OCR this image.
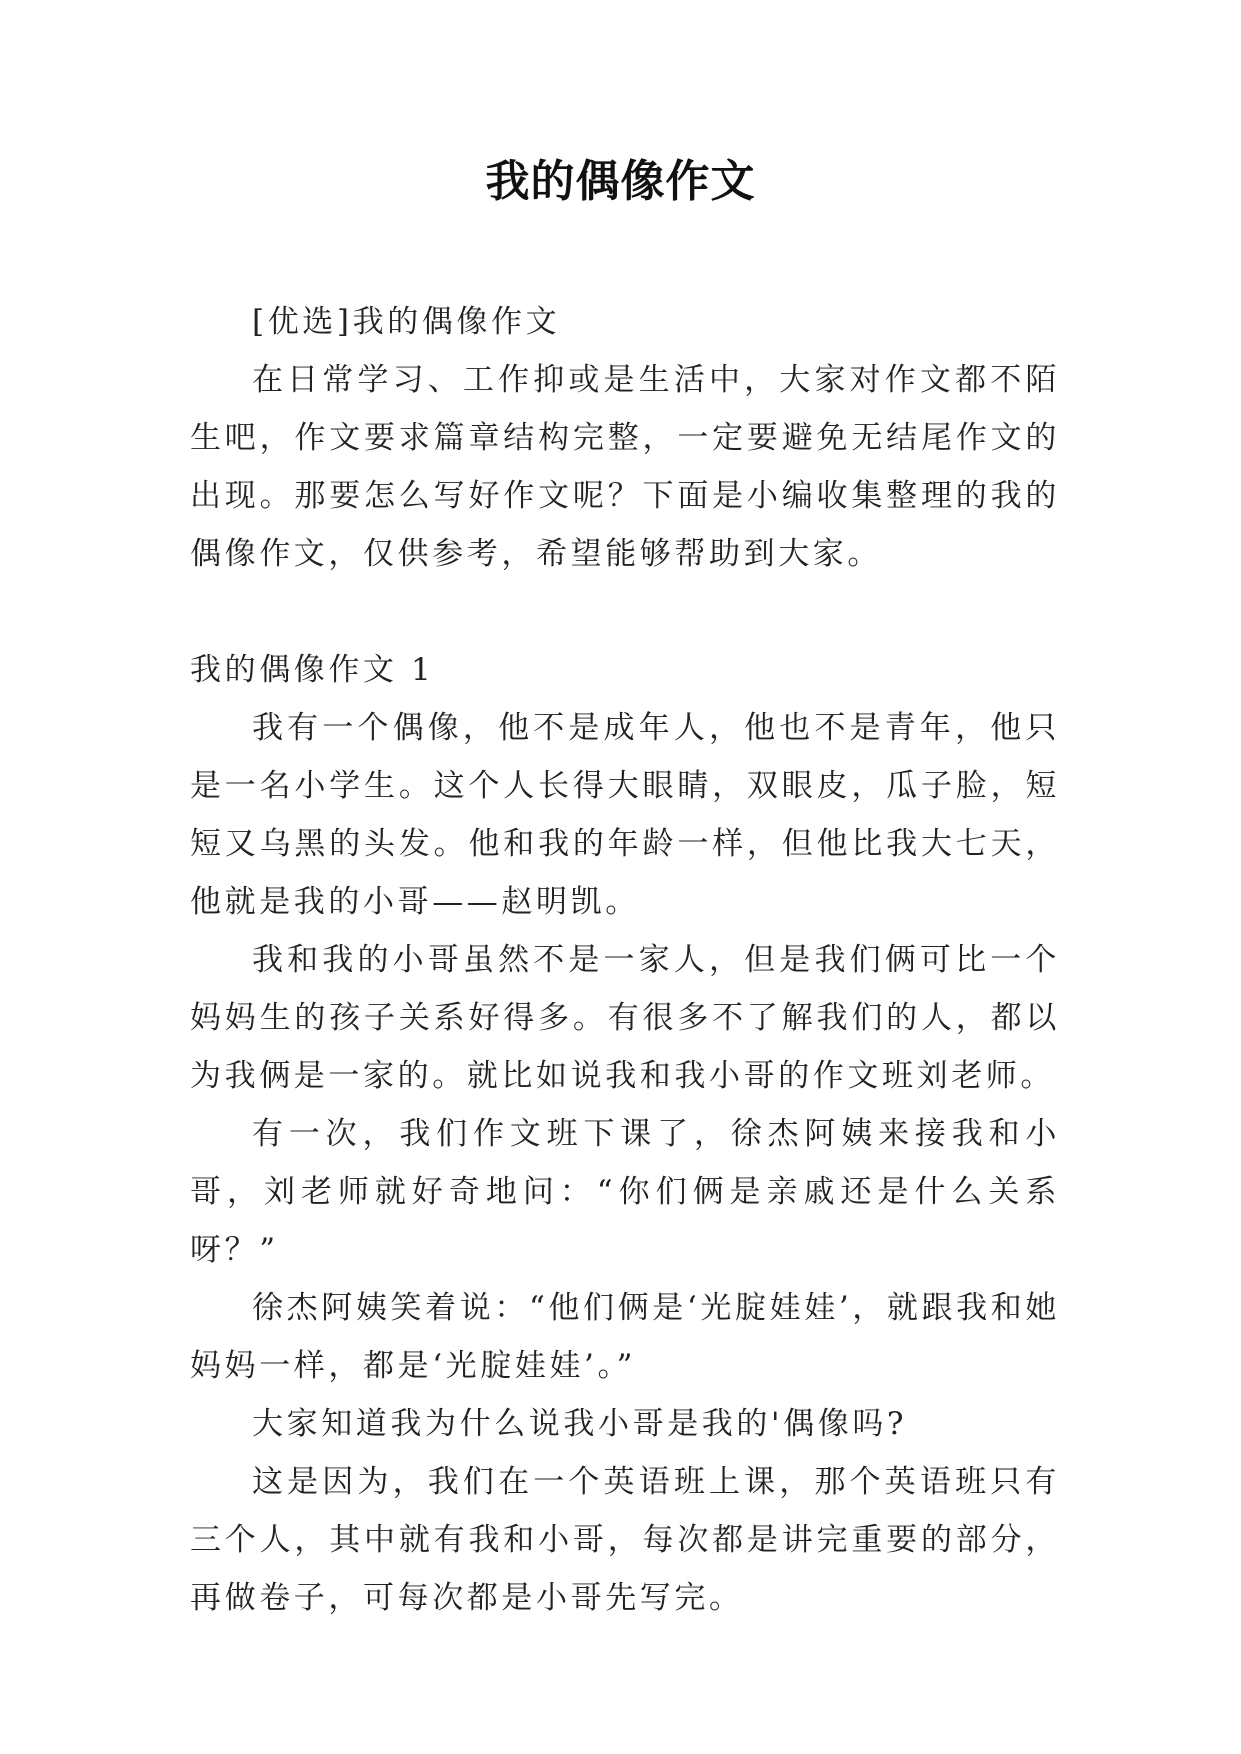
我的偶像作文

[优选]我的偶像作文

在日常学习、工作抑或是生活中，大家对作文都不陌生吧，作文要求篇章结构完整，一定要避免无结尾作文的出现。那要怎么写好作文呢？下面是小编收集整理的我的偶像作文，仅供参考，希望能够帮助到大家。

我的偶像作文 1

我有一个偶像，他不是成年人，他也不是青年，他只是一名小学生。这个人长得大眼睛，双眼皮，瓜子脸，短短又乌黑的头发。他和我的年龄一样，但他比我大七天，他就是我的小哥——赵明凯。

我和我的小哥虽然不是一家人，但是我们俩可比一个妈妈生的孩子关系好得多。有很多不了解我们的人，都以为我俩是一家的。就比如说我和我小哥的作文班刘老师。

有一次，我们作文班下课了，徐杰阿姨来接我和小哥，刘老师就好奇地问：“你们俩是亲戚还是什么关系呀？”

徐杰阿姨笑着说：“他们俩是‘光腚娃娃’，就跟我和她妈妈一样，都是‘光腚娃娃’。”

大家知道我为什么说我小哥是我的'偶像吗?

这是因为，我们在一个英语班上课，那个英语班只有三个人，其中就有我和小哥，每次都是讲完重要的部分，再做卷子，可每次都是小哥先写完。
